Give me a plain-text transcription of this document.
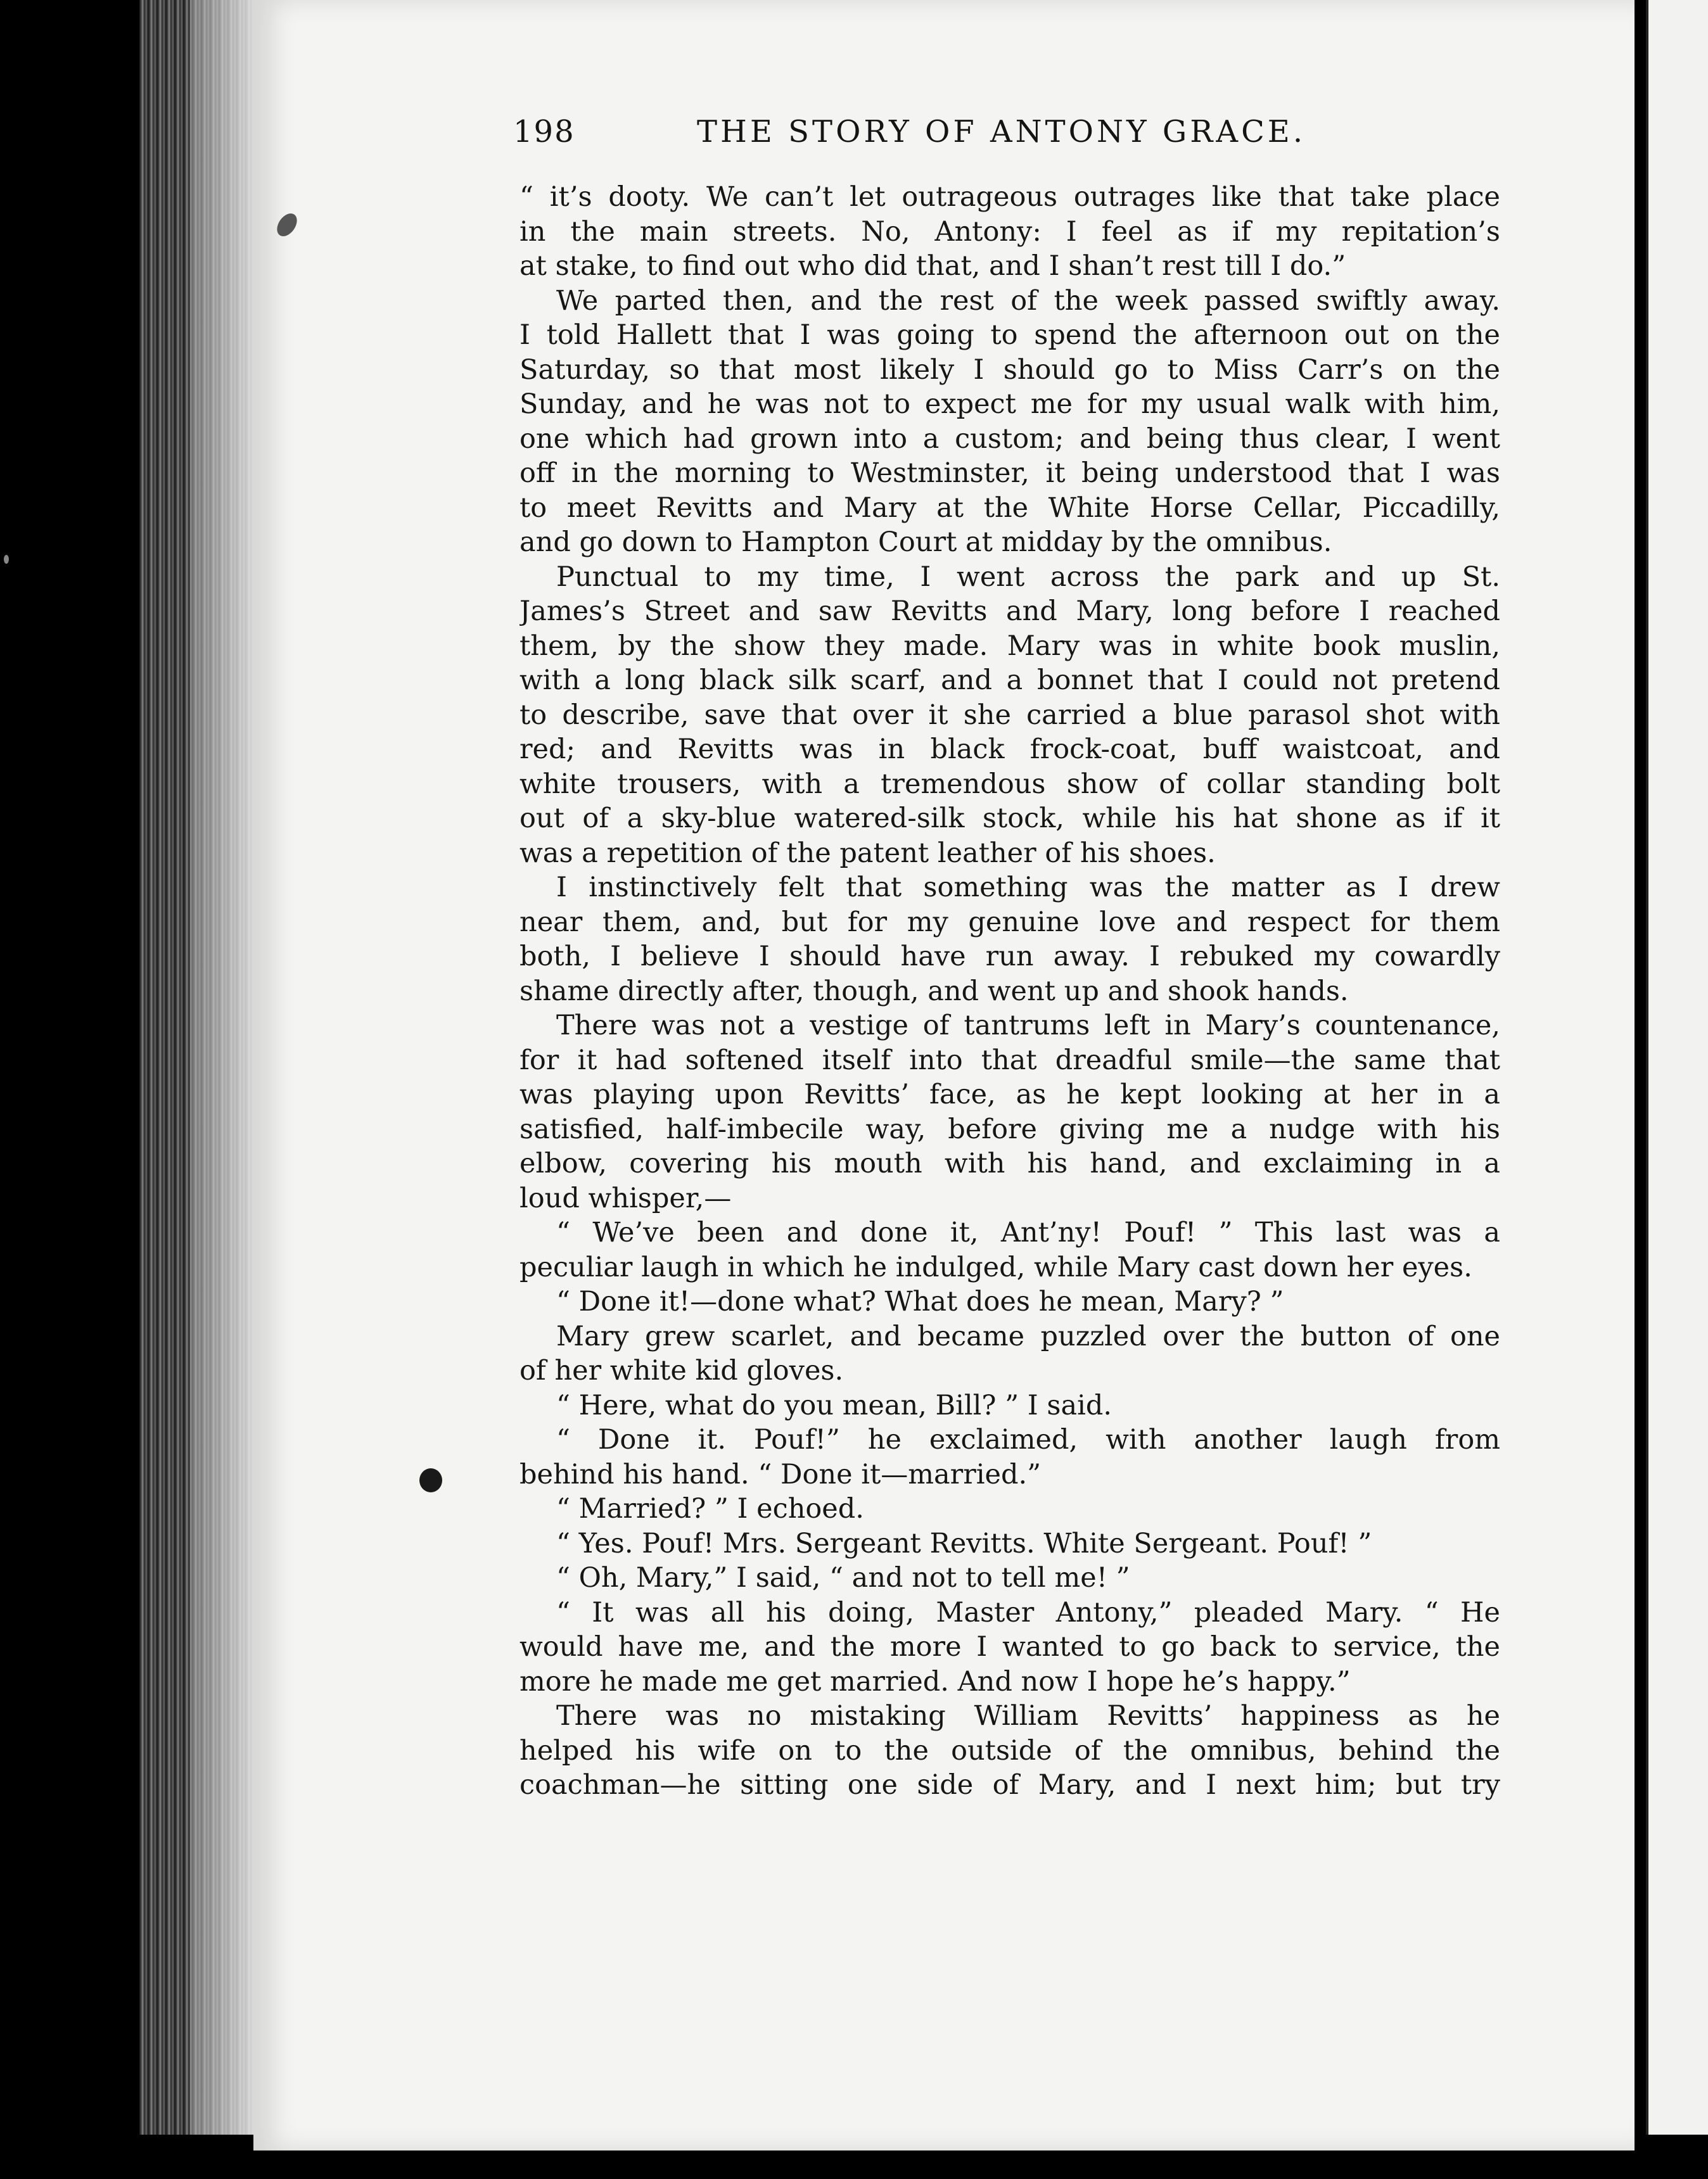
198	THE STORY OF ANTONY GRACE.
“ it’s dooty. We can’t let outrageous outrages like that take place
in the main streets. No, Antony: I feel as if my repitation’s
at stake, to find out who did that, and I shan’t rest till I do.”
We parted then, and the rest of the week passed swiftly away.
I told Hallett that I was going to spend the afternoon out on the
Saturday, so that most likely I should go to Miss Carr’s on the
Sunday, and he was not to expect me for my usual walk with him,
one which had grown into a custom; and being thus clear, I went
off in the morning to Westminster, it being understood that I was
to meet Revitts and Mary at the White Horse Cellar, Piccadilly,
and go down to Hampton Court at midday by the omnibus.
Punctual to my time, I went across the park and up St.
James’s Street and saw Revitts and Mary, long before I reached
them, by the show they made. Mary was in white book muslin,
with a long black silk scarf, and a bonnet that I could not pretend
to describe, save that over it she carried a blue parasol shot with
red; and Revitts was in black frock-coat, buff waistcoat, and
white trousers, with a tremendous show of collar standing bolt
out of a sky-blue watered-silk stock, while his hat shone as if it
was a repetition of the patent leather of his shoes.
I instinctively felt that something was the matter as I drew
near them, and, but for my genuine love and respect for them
both, I believe I should have run away. I rebuked my cowardly
shame directly after, though, and went up and shook hands.
There was not a vestige of tantrums left in Mary’s countenance,
for it had softened itself into that dreadful smile—the same that
was playing upon Revitts’ face, as he kept looking at her in a
satisfied, half-imbecile way, before giving me a nudge with his
elbow, covering his mouth with his hand, and exclaiming in a
loud whisper,—
“ We’ve been and done it, Ant’ny! Pouf! ” This last was a
peculiar laugh in which he indulged, while Mary cast down her eyes.
“ Done it!—done what? What does he mean, Mary? ”
Mary grew scarlet, and became puzzled over the button of one
of her white kid gloves.
“ Here, what do you mean, Bill? ” I said.
“ Done it. Pouf!” he exclaimed, with another laugh from
behind his hand. “ Done it—married.”
“ Married? ” I echoed.
“ Yes. Pouf! Mrs. Sergeant Revitts. White Sergeant. Pouf! ”
“ Oh, Mary,” I said, “ and not to tell me! ”
“ It was all his doing, Master Antony,” pleaded Mary. “ He
would have me, and the more I wanted to go back to service, the
more he made me get married. And now I hope he’s happy.”
There was no mistaking William Revitts’ happiness as he
helped his wife on to the outside of the omnibus, behind the
coachman—he sitting one side of Mary, and I next him; but try
